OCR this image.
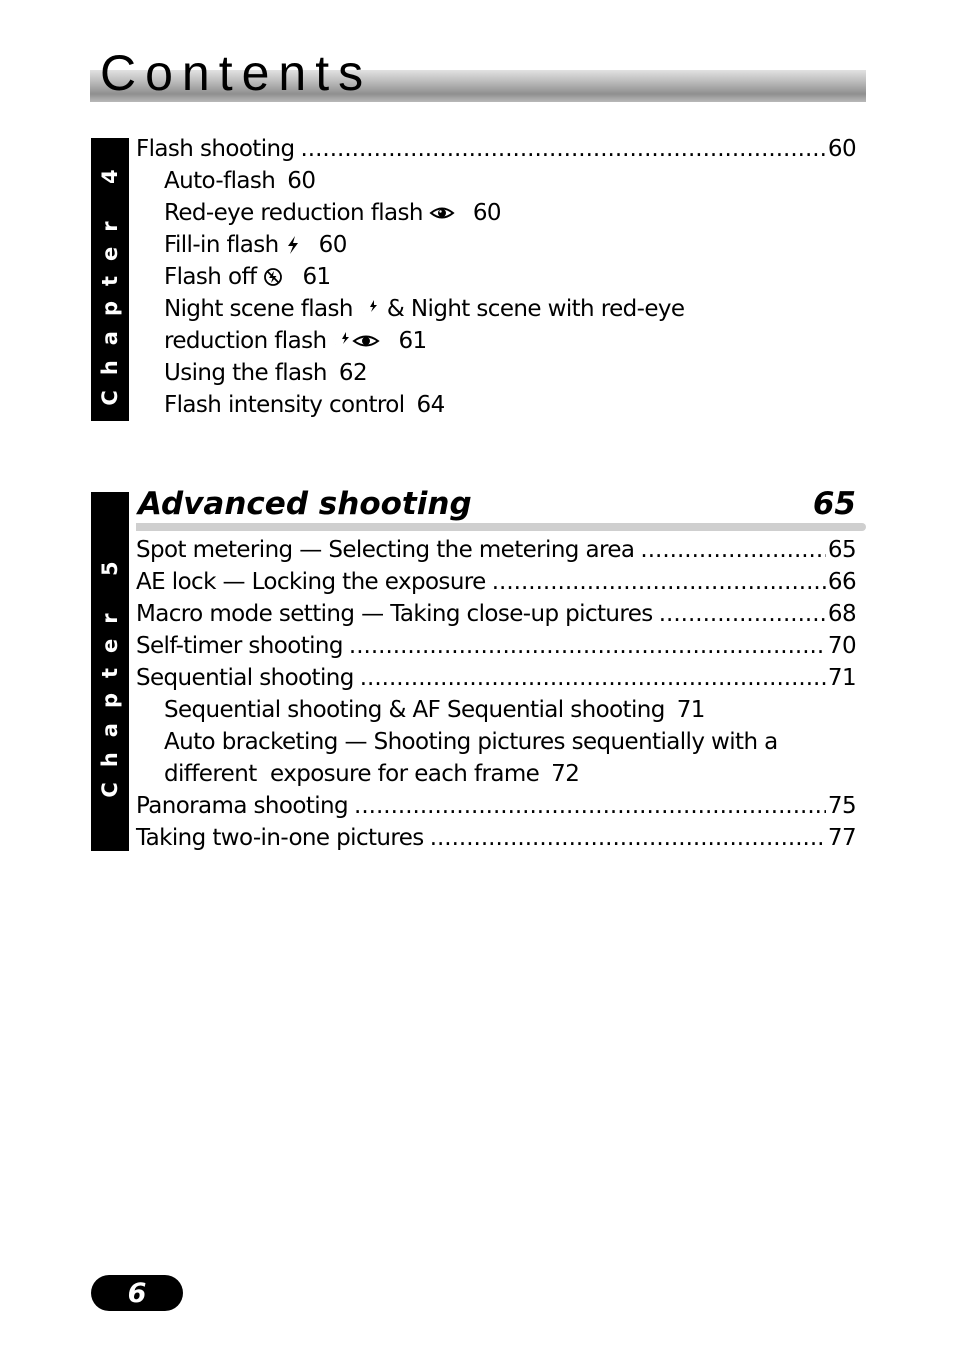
Contents
Chapter 4
Flash shooting .....	60
Auto-flash 60
Red-eye reduction flash 60
Fill-in flash 60
Flash off 61
Night scene flash & Night scene with red-eye
reduction flash	61
Using the flash 62
Flash intensity control 64
Chapter 5
Advanced shooting	65
Spot metering — Selecting the metering area .....	65
AE lock — Locking the exposure .....	66
Macro mode setting — Taking close-up pictures .....	68
Self-timer shooting .....	70
Sequential shooting .....	71
Sequential shooting & AF Sequential shooting 71
Auto bracketing — Shooting pictures sequentially with a
different  exposure for each frame 72
Panorama shooting .....	75
Taking two-in-one pictures .....	77
6
